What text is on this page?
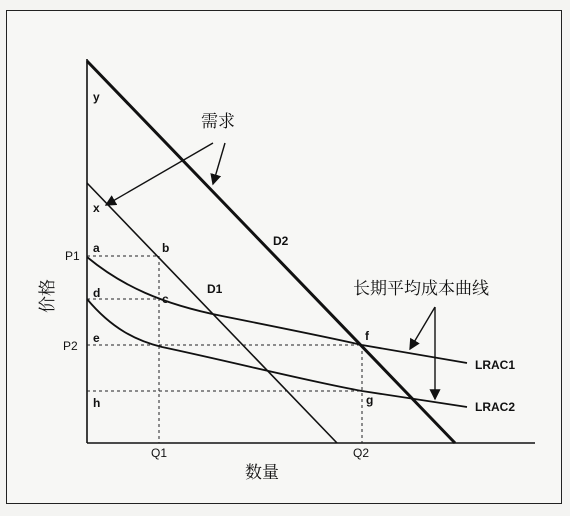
需求
长期平均成本曲线
数量
价格
D2
D1
LRAC1
LRAC2
P1
P2
Q1	Q2
y
x
a	b
c
d
e	f
g
h
